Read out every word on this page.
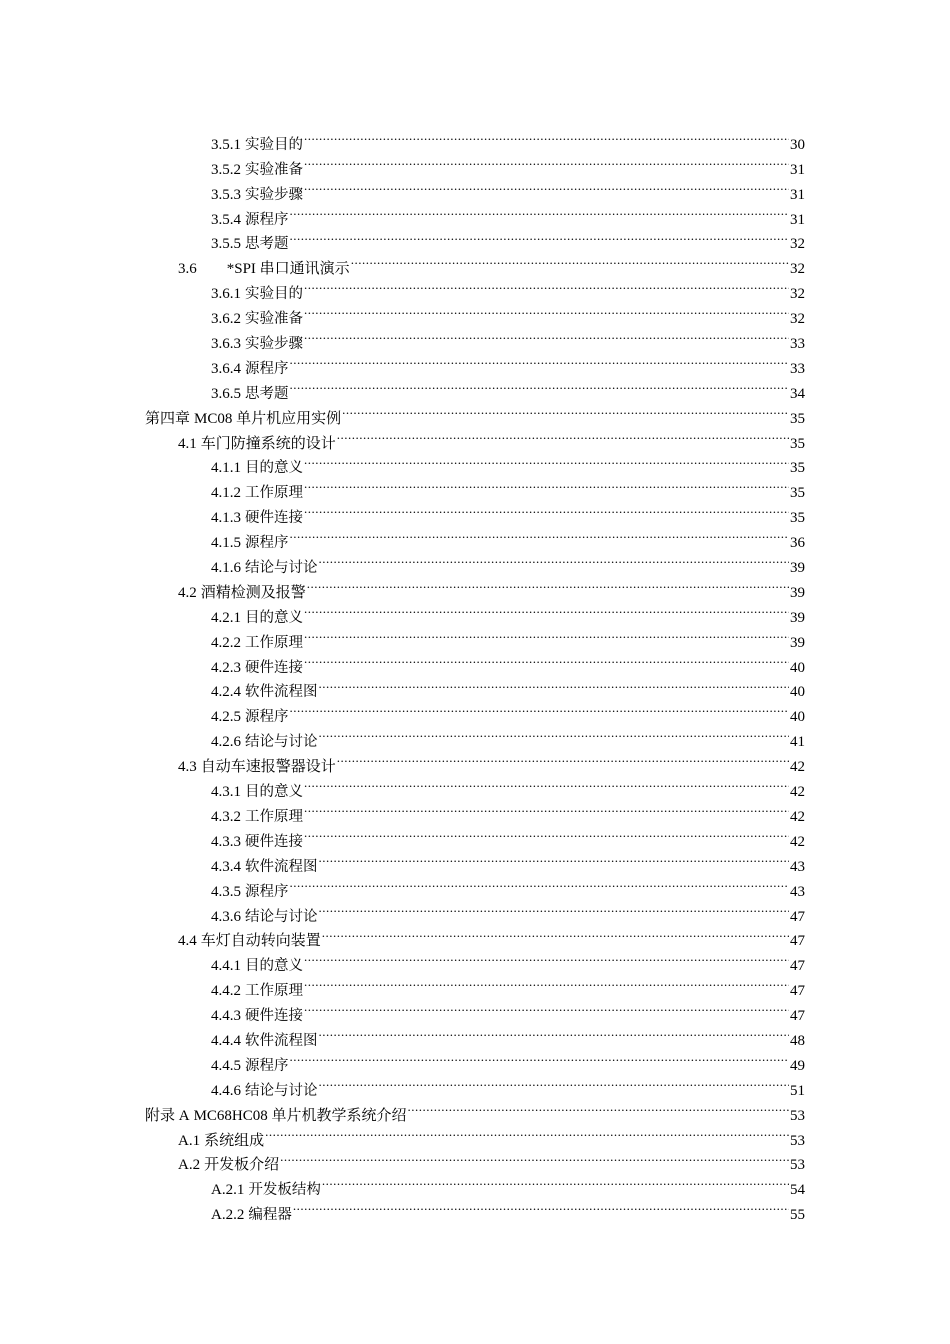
3.5.1 实验目的 .....	30
3.5.2 实验准备 .....	31
3.5.3 实验步骤 .....	31
3.5.4 源程序 .....	31
3.5.5 思考题 .....	32
3.6 *SPI 串口通讯演示 .....	32
3.6.1 实验目的 .....	32
3.6.2 实验准备 .....	32
3.6.3 实验步骤 .....	33
3.6.4 源程序 .....	33
3.6.5 思考题 .....	34
第四章 MC08 单片机应用实例 .....	35
4.1 车门防撞系统的设计 .....	35
4.1.1 目的意义 .....	35
4.1.2 工作原理 .....	35
4.1.3 硬件连接 .....	35
4.1.5 源程序 .....	36
4.1.6 结论与讨论 .....	39
4.2 酒精检测及报警 .....	39
4.2.1 目的意义 .....	39
4.2.2 工作原理 .....	39
4.2.3 硬件连接 .....	40
4.2.4 软件流程图 .....	40
4.2.5 源程序 .....	40
4.2.6 结论与讨论 .....	41
4.3 自动车速报警器设计 .....	42
4.3.1 目的意义 .....	42
4.3.2 工作原理 .....	42
4.3.3 硬件连接 .....	42
4.3.4 软件流程图 .....	43
4.3.5 源程序 .....	43
4.3.6 结论与讨论 .....	47
4.4 车灯自动转向装置 .....	47
4.4.1 目的意义 .....	47
4.4.2 工作原理 .....	47
4.4.3 硬件连接 .....	47
4.4.4 软件流程图 .....	48
4.4.5 源程序 .....	49
4.4.6 结论与讨论 .....	51
附录 A MC68HC08 单片机教学系统介绍 .....	53
A.1 系统组成 .....	53
A.2 开发板介绍 .....	53
A.2.1 开发板结构 .....	54
A.2.2 编程器 .....	55
